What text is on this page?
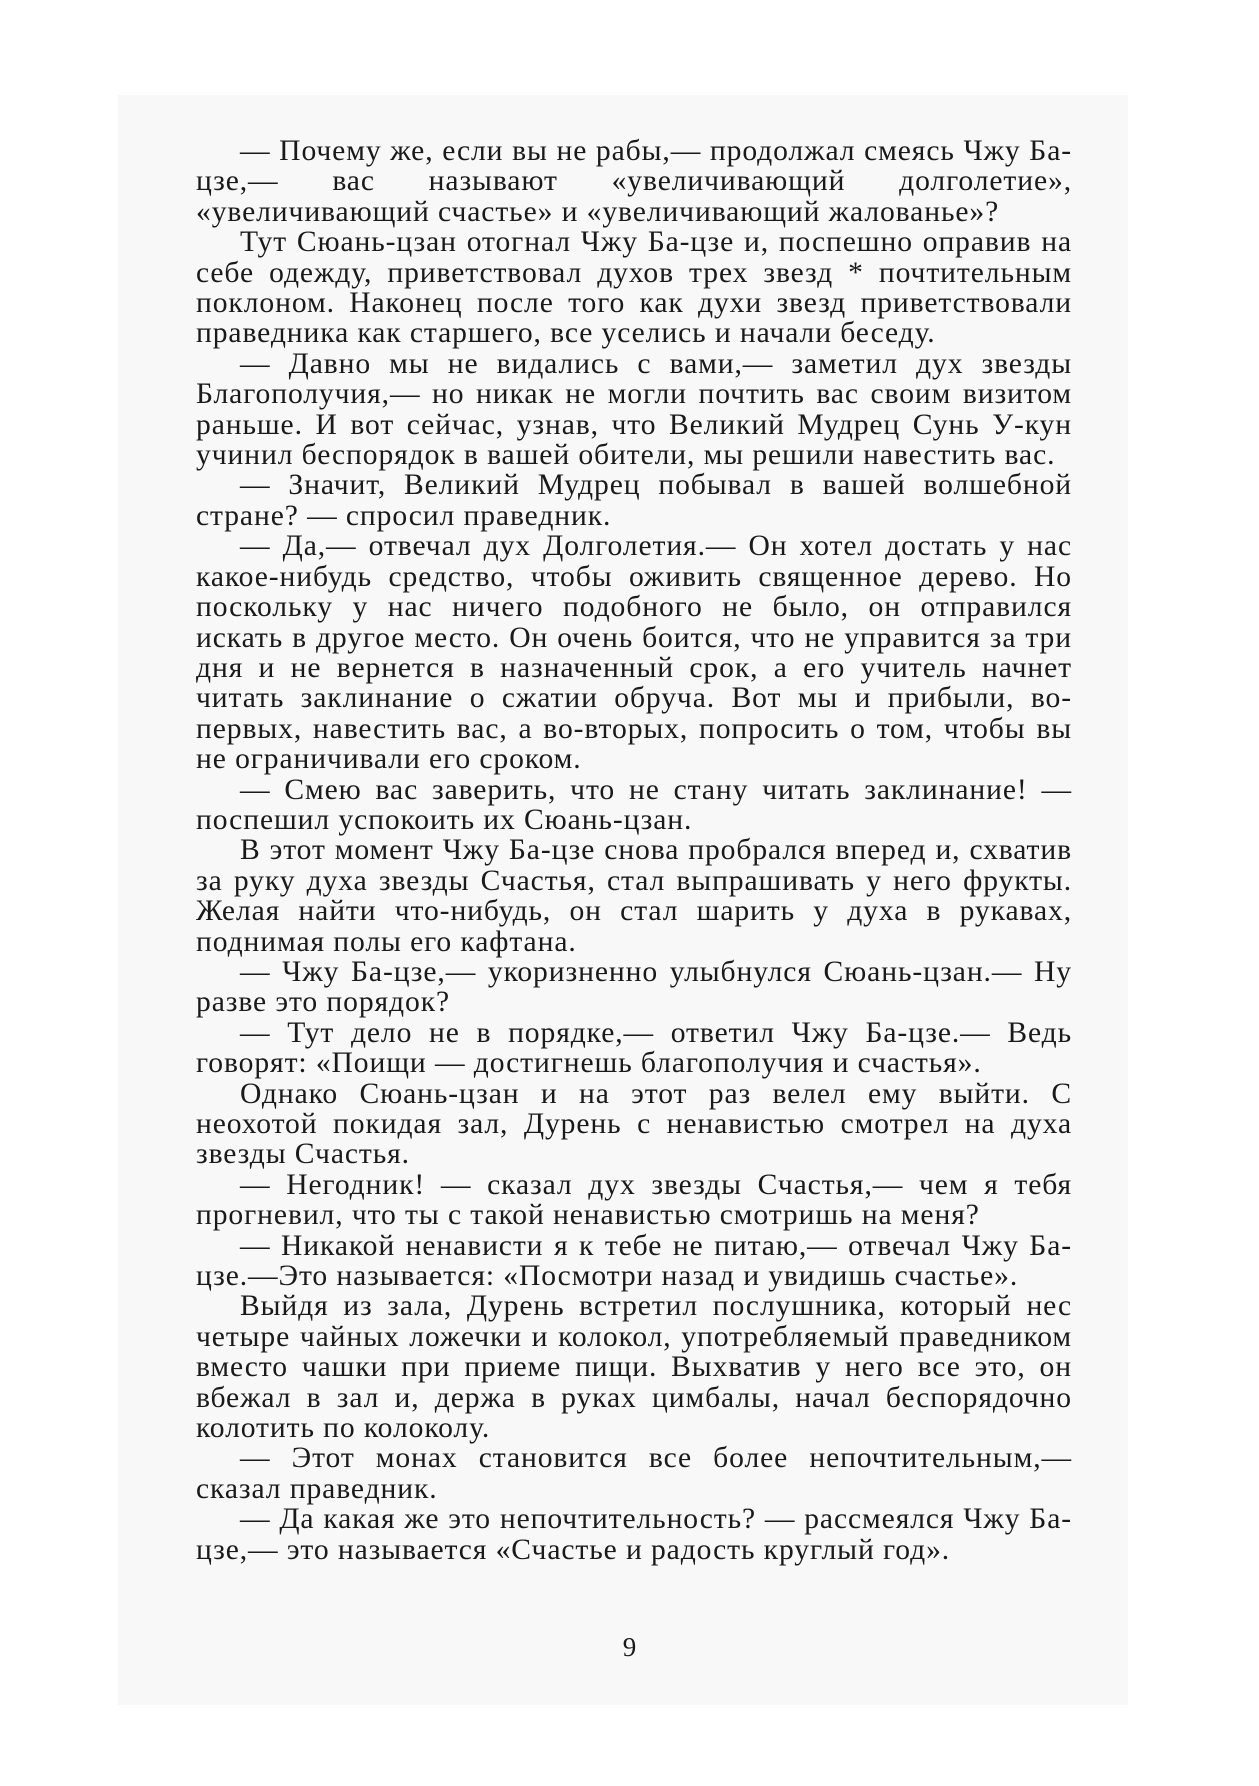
— Почему же, если вы не рабы,— продолжал смеясь Чжу Ба-цзе,— вас называют «увеличивающий долголетие», «увеличивающий счастье» и «увеличивающий жалованье»?

Тут Сюань-цзан отогнал Чжу Ба-цзе и, поспешно оправив на себе одежду, приветствовал духов трех звезд * почтительным поклоном. Наконец после того как духи звезд приветствовали праведника как старшего, все уселись и начали беседу.

— Давно мы не видались с вами,— заметил дух звезды Благополучия,— но никак не могли почтить вас своим визитом раньше. И вот сейчас, узнав, что Великий Мудрец Сунь У-кун учинил беспорядок в вашей обители, мы решили навестить вас.

— Значит, Великий Мудрец побывал в вашей волшебной стране? — спросил праведник.

— Да,— отвечал дух Долголетия.— Он хотел достать у нас какое-нибудь средство, чтобы оживить священное дерево. Но поскольку у нас ничего подобного не было, он отправился искать в другое место. Он очень боится, что не управится за три дня и не вернется в назначенный срок, а его учитель начнет читать заклинание о сжатии обруча. Вот мы и прибыли, во-первых, навестить вас, а во-вторых, попросить о том, чтобы вы не ограничивали его сроком.

— Смею вас заверить, что не стану читать заклинание! — поспешил успокоить их Сюань-цзан.

В этот момент Чжу Ба-цзе снова пробрался вперед и, схватив за руку духа звезды Счастья, стал выпрашивать у него фрукты. Желая найти что-нибудь, он стал шарить у духа в рукавах, поднимая полы его кафтана.

— Чжу Ба-цзе,— укоризненно улыбнулся Сюань-цзан.— Ну разве это порядок?

— Тут дело не в порядке,— ответил Чжу Ба-цзе.— Ведь говорят: «Поищи — достигнешь благополучия и счастья».

Однако Сюань-цзан и на этот раз велел ему выйти. С неохотой покидая зал, Дурень с ненавистью смотрел на духа звезды Счастья.

— Негодник! — сказал дух звезды Счастья,— чем я тебя прогневил, что ты с такой ненавистью смотришь на меня?

— Никакой ненависти я к тебе не питаю,— отвечал Чжу Ба-цзе.—Это называется: «Посмотри назад и увидишь счастье».

Выйдя из зала, Дурень встретил послушника, который нес четыре чайных ложечки и колокол, употребляемый праведником вместо чашки при приеме пищи. Выхватив у него все это, он вбежал в зал и, держа в руках цимбалы, начал беспорядочно колотить по колоколу.

— Этот монах становится все более непочтительным,— сказал праведник.

— Да какая же это непочтительность? — рассмеялся Чжу Ба-цзе,— это называется «Счастье и радость круглый год».

9
